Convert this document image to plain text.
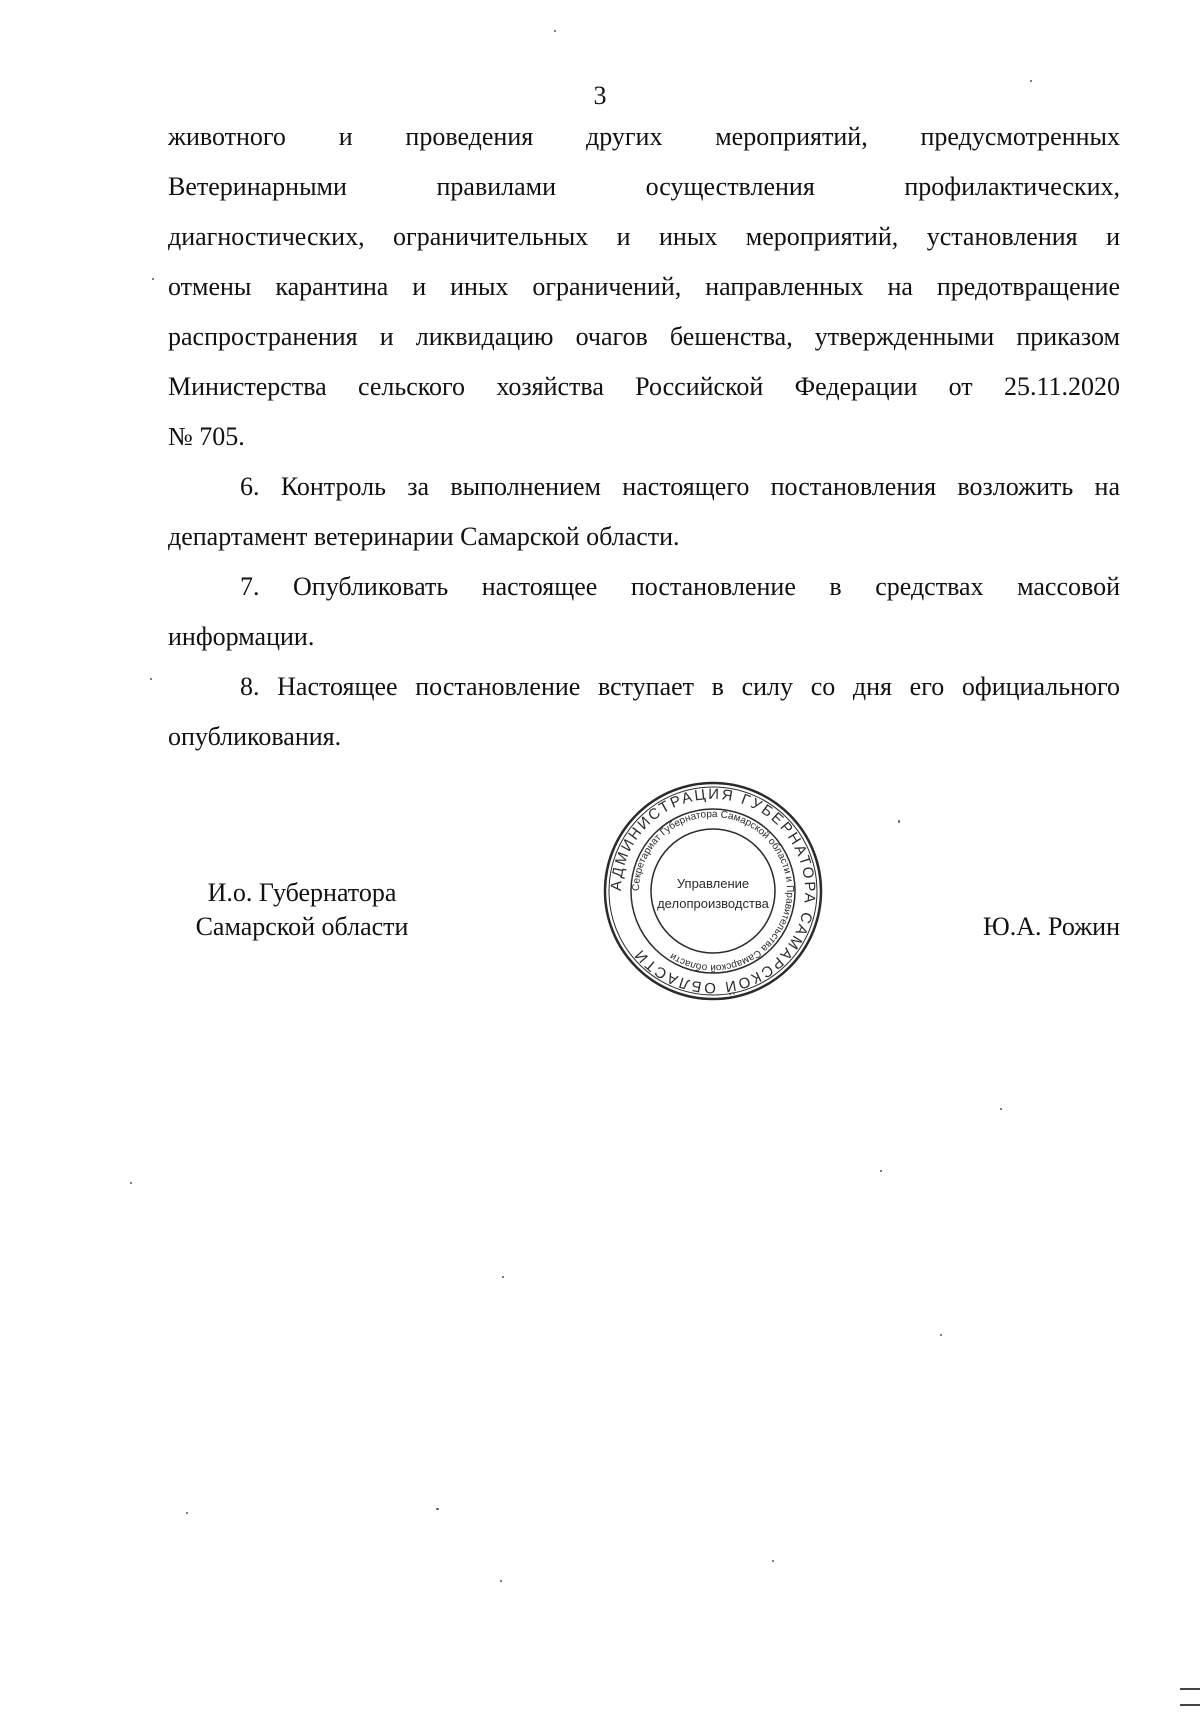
3
животного и проведения других мероприятий, предусмотренных
Ветеринарными правилами осуществления профилактических,
диагностических, ограничительных и иных мероприятий, установления и
отмены карантина и иных ограничений, направленных на предотвращение
распространения и ликвидацию очагов бешенства, утвержденными приказом
Министерства сельского хозяйства Российской Федерации от 25.11.2020
№ 705.
6. Контроль за выполнением настоящего постановления возложить на
департамент ветеринарии Самарской области.
7. Опубликовать настоящее постановление в средствах массовой
информации.
8. Настоящее постановление вступает в силу со дня его официального
опубликования.
И.о. Губернатора
Самарской области
АДМИНИСТРАЦИЯ ГУБЕРНАТОРА САМАРСКОЙ ОБЛАСТИ
Секретариат Губернатора Самарской области и Правительства Самарской области
Управление
делопроизводства
Ю.А. Рожин
